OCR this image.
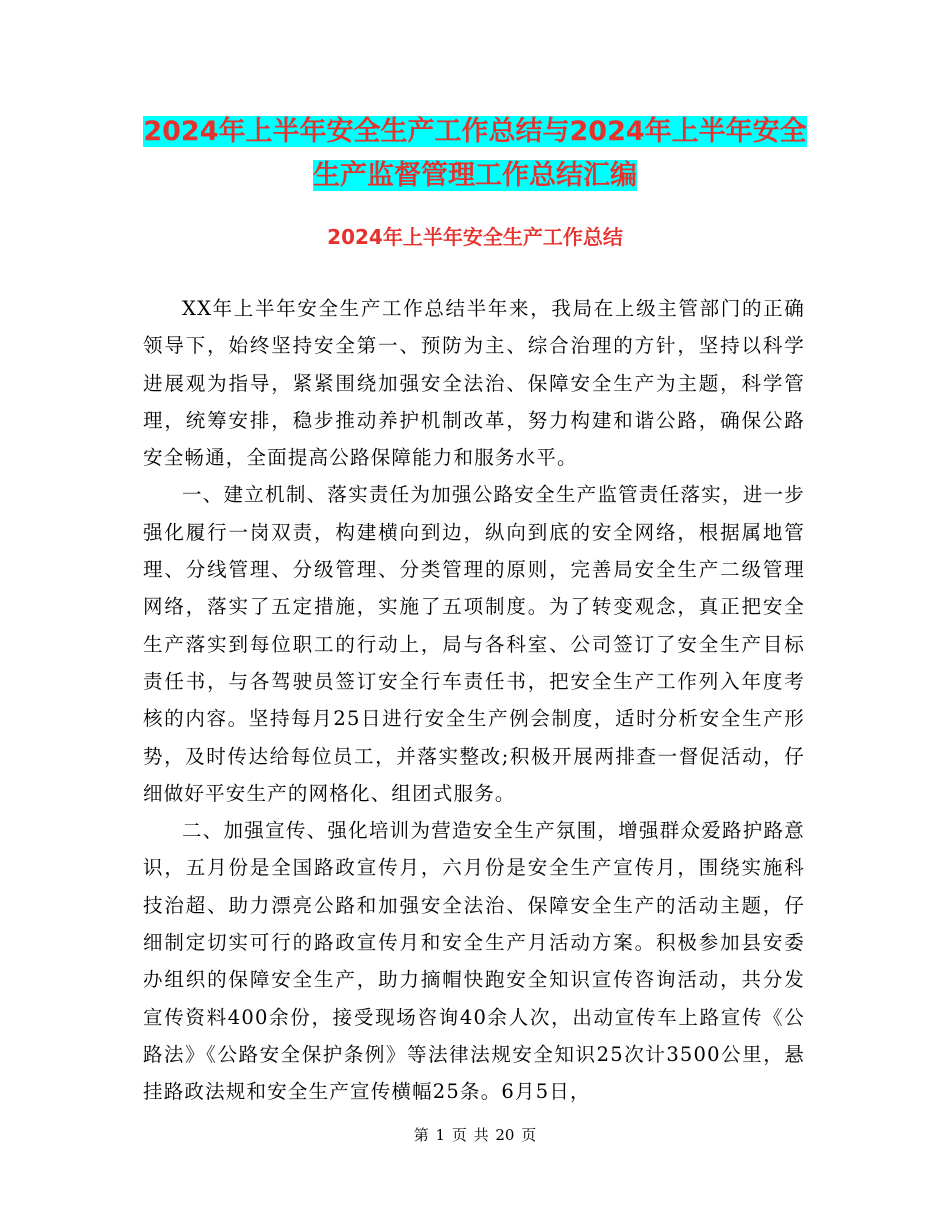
2024年上半年安全生产工作总结与2024年上半年安全生产监督管理工作总结汇编
2024年上半年安全生产工作总结

XX年上半年安全生产工作总结半年来，我局在上级主管部门的正确领导下，始终坚持安全第一、预防为主、综合治理的方针，坚持以科学进展观为指导，紧紧围绕加强安全法治、保障安全生产为主题，科学管理，统筹安排，稳步推动养护机制改革，努力构建和谐公路，确保公路安全畅通，全面提高公路保障能力和服务水平。

一、建立机制、落实责任为加强公路安全生产监管责任落实，进一步强化履行一岗双责，构建横向到边，纵向到底的安全网络，根据属地管理、分线管理、分级管理、分类管理的原则，完善局安全生产二级管理网络，落实了五定措施，实施了五项制度。为了转变观念，真正把安全生产落实到每位职工的行动上，局与各科室、公司签订了安全生产目标责任书，与各驾驶员签订安全行车责任书，把安全生产工作列入年度考核的内容。坚持每月25日进行安全生产例会制度，适时分析安全生产形势，及时传达给每位员工，并落实整改;积极开展两排查一督促活动，仔细做好平安生产的网格化、组团式服务。

二、加强宣传、强化培训为营造安全生产氛围，增强群众爱路护路意识，五月份是全国路政宣传月，六月份是安全生产宣传月，围绕实施科技治超、助力漂亮公路和加强安全法治、保障安全生产的活动主题，仔细制定切实可行的路政宣传月和安全生产月活动方案。积极参加县安委办组织的保障安全生产，助力摘帽快跑安全知识宣传咨询活动，共分发宣传资料400余份，接受现场咨询40余人次，出动宣传车上路宣传《公路法》《公路安全保护条例》等法律法规安全知识25次计3500公里，悬挂路政法规和安全生产宣传横幅25条。6月5日，

第 1 页 共 20 页
